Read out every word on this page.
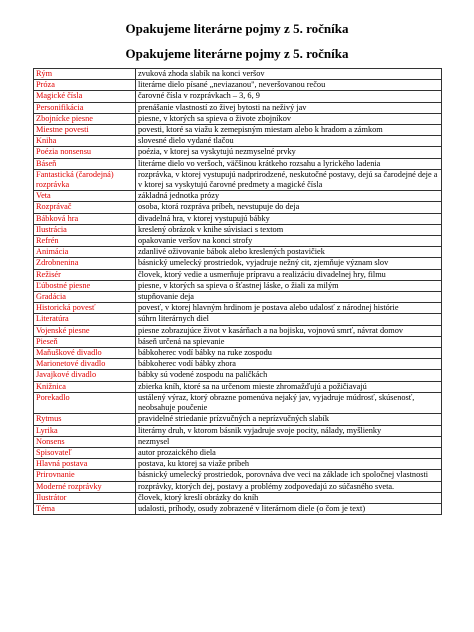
Opakujeme literárne pojmy z 5. ročníka
Opakujeme literárne pojmy z 5. ročníka
Rým	zvuková zhoda slabík na konci veršov
Próza	literárne dielo písané „neviazanou", neveršovanou rečou
Magické čísla	čarovné čísla v rozprávkach – 3, 6, 9
Personifikácia	prenášanie vlastností zo živej bytosti na neživý jav
Zbojnícke piesne	piesne, v ktorých sa spieva o živote zbojníkov
Miestne povesti	povesti, ktoré sa viažu k zemepisným miestam alebo k hradom a zámkom
Kniha	slovesné dielo vydané tlačou
Poézia nonsensu	poézia, v ktorej sa vyskytujú nezmyselné prvky
Báseň	literárne dielo vo veršoch, väčšinou krátkeho rozsahu a lyrického ladenia
Fantastická (čarodejná) rozprávka	rozprávka, v ktorej vystupujú nadprirodzené, neskutočné postavy, dejú sa čarodejné deje a v ktorej sa vyskytujú čarovné predmety a magické čísla
Veta	základná jednotka prózy
Rozprávač	osoba, ktorá rozpráva príbeh, nevstupuje do deja
Bábková hra	divadelná hra, v ktorej vystupujú bábky
Ilustrácia	kreslený obrázok v knihe súvisiaci s textom
Refrén	opakovanie veršov na konci strofy
Animácia	zdanlivé oživovanie bábok alebo kreslených postavičiek
Zdrobnenina	básnický umelecký prostriedok, vyjadruje nežný cit, zjemňuje význam slov
Režisér	človek, ktorý vedie a usmerňuje prípravu a realizáciu divadelnej hry, filmu
Ľúbostné piesne	piesne, v ktorých sa spieva o šťastnej láske, o žiali za milým
Gradácia	stupňovanie deja
Historická povesť	povesť, v ktorej hlavným hrdinom je postava alebo udalosť z národnej histórie
Literatúra	súhrn literárnych diel
Vojenské piesne	piesne zobrazujúce život v kasárňach a na bojisku, vojnovú smrť, návrat domov
Pieseň	báseň určená na spievanie
Maňuškové divadlo	bábkoherec vodí bábky na ruke zospodu
Marionetové divadlo	bábkoherec vodí bábky zhora
Javajkové divadlo	bábky sú vodené zospodu na paličkách
Knižnica	zbierka kníh, ktoré sa na určenom mieste zhromažďujú a požičiavajú
Porekadlo	ustálený výraz, ktorý obrazne pomenúva nejaký jav, vyjadruje múdrosť, skúsenosť, neobsahuje poučenie
Rytmus	pravidelné striedanie prízvučných a neprízvučných slabík
Lyrika	literárny druh, v ktorom básnik vyjadruje svoje pocity, nálady, myšlienky
Nonsens	nezmysel
Spisovateľ	autor prozaického diela
Hlavná postava	postava, ku ktorej sa viaže príbeh
Prirovnanie	básnický umelecký prostriedok, porovnáva dve veci na základe ich spoločnej vlastnosti
Moderné rozprávky	rozprávky, ktorých dej, postavy a problémy zodpovedajú zo súčasného sveta.
Ilustrátor	človek, ktorý kreslí obrázky do kníh
Téma	udalosti, príhody, osudy zobrazené v literárnom diele (o čom je text)
